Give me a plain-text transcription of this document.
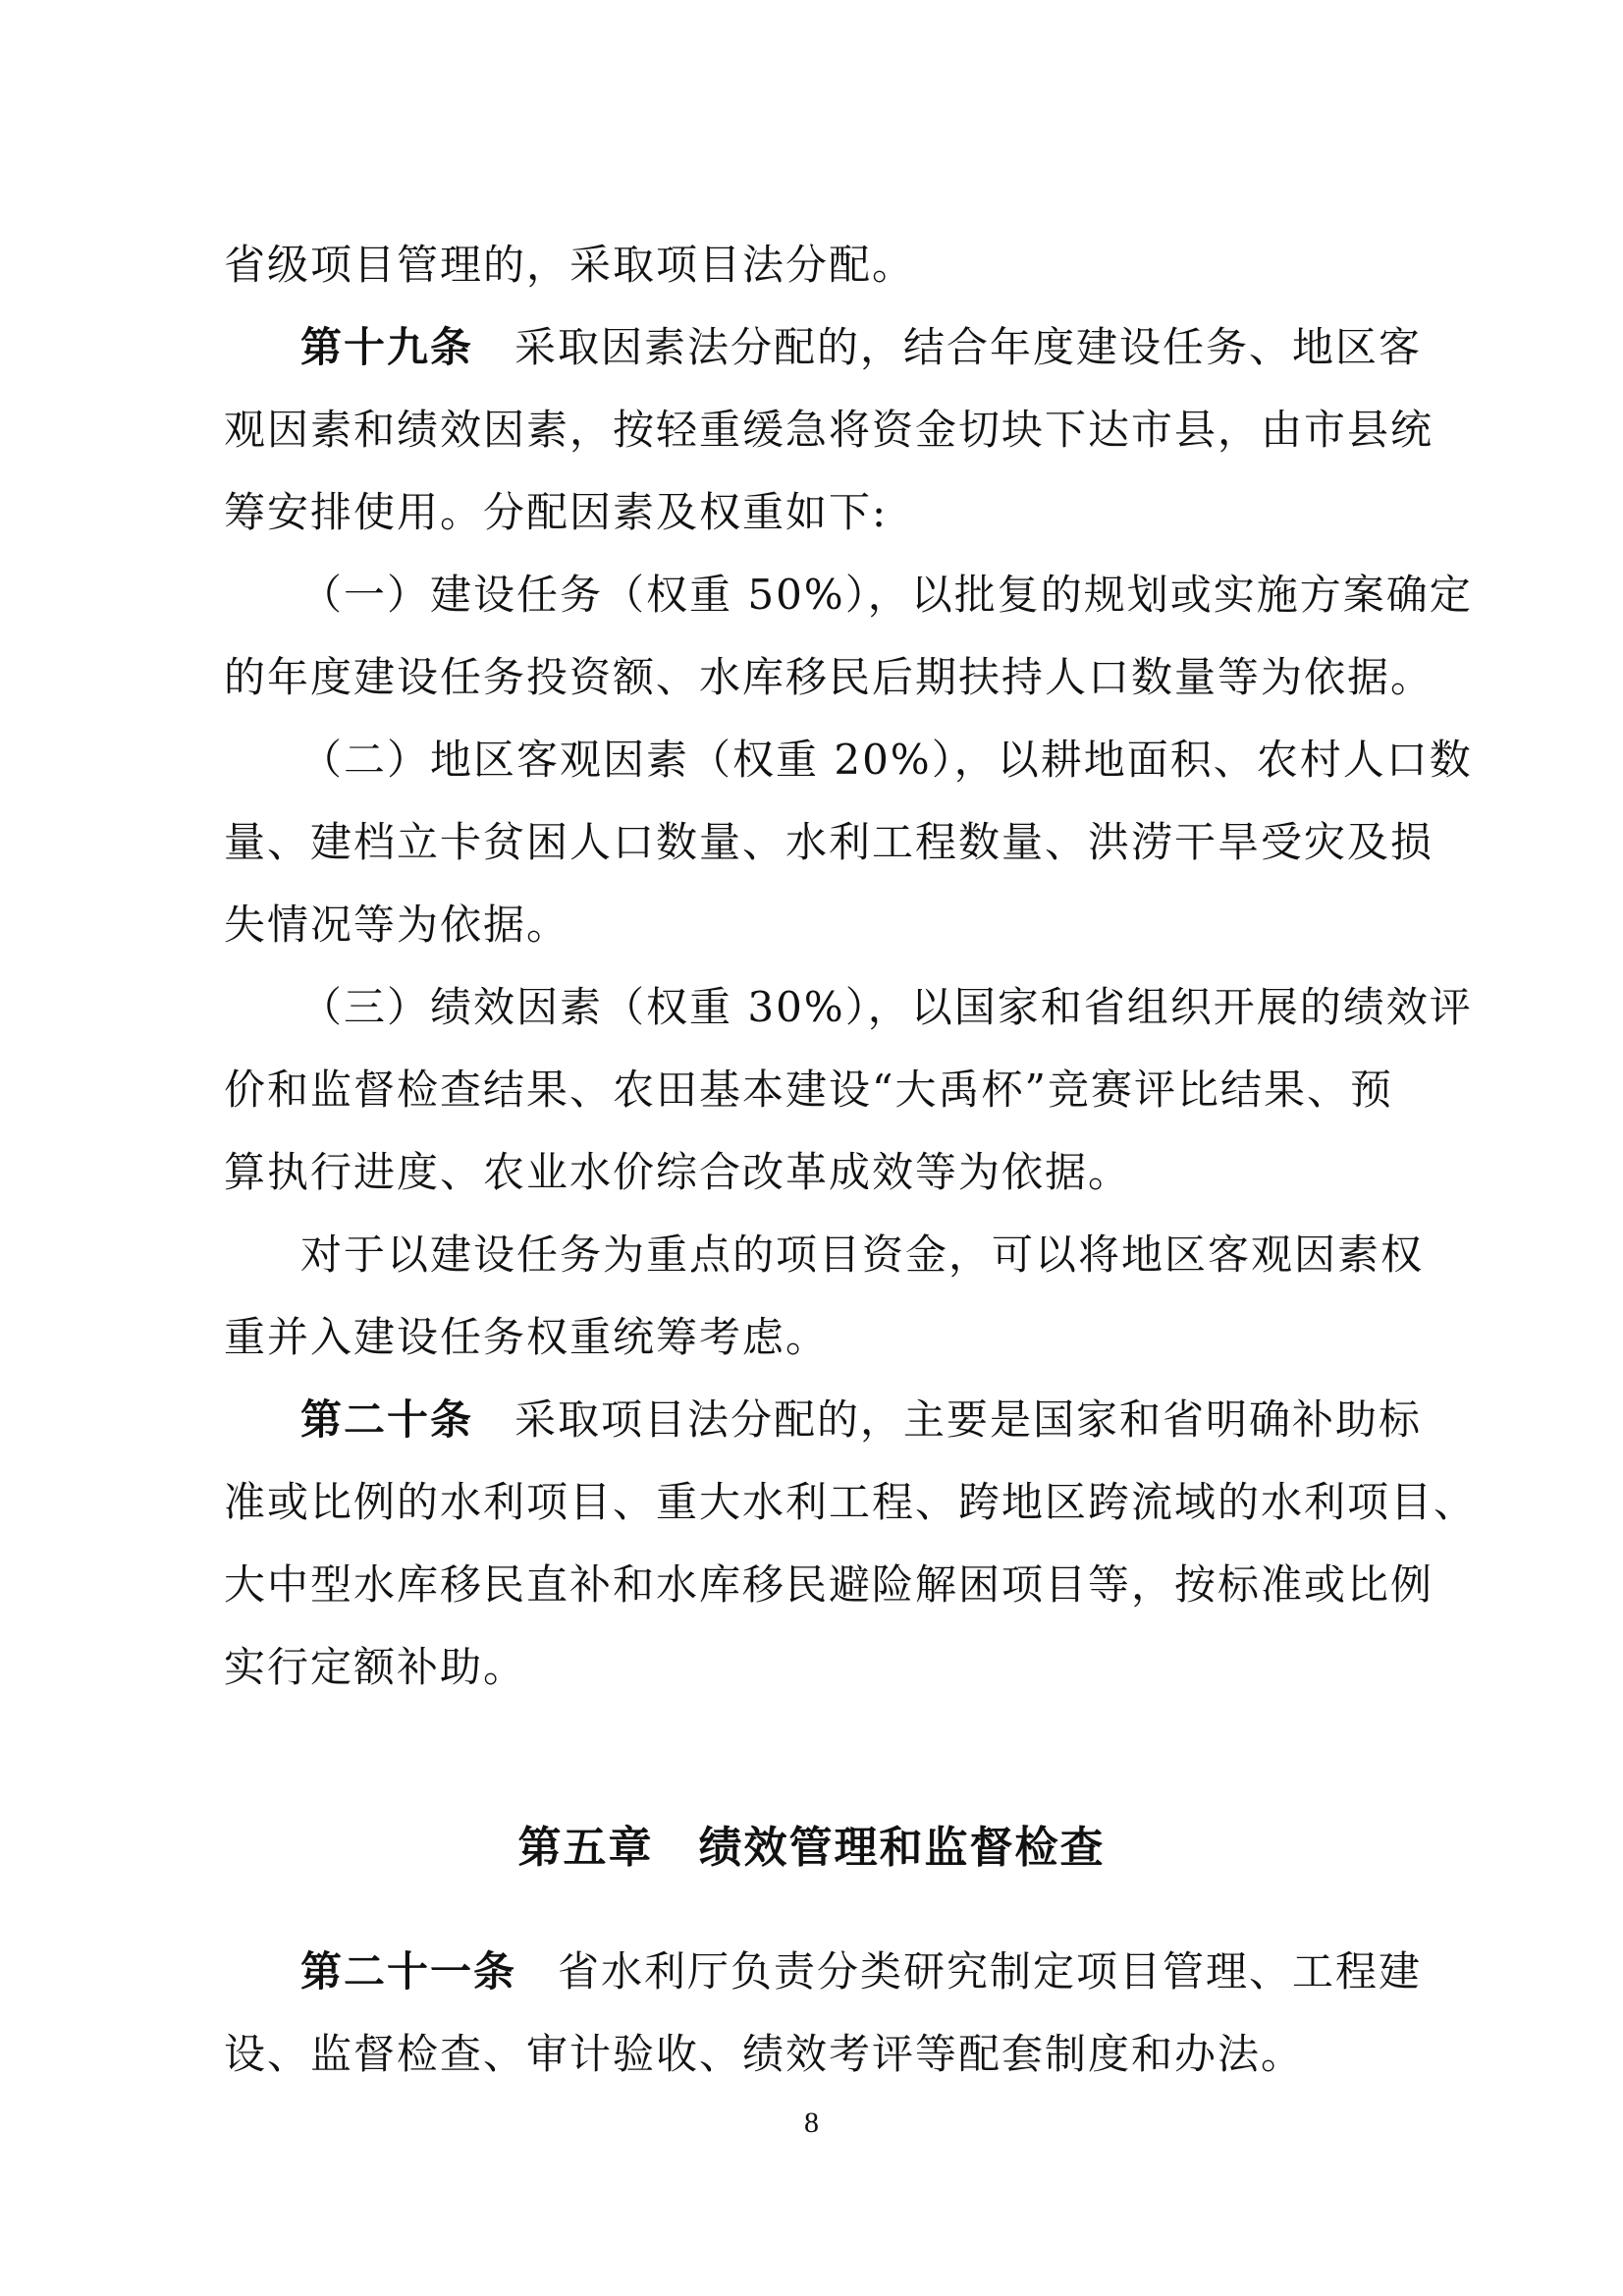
省级项目管理的，采取项目法分配。
第十九条 采取因素法分配的，结合年度建设任务、地区客
观因素和绩效因素，按轻重缓急将资金切块下达市县，由市县统
筹安排使用。分配因素及权重如下:
（一）建设任务（权重 50%），以批复的规划或实施方案确定
的年度建设任务投资额、水库移民后期扶持人口数量等为依据。
（二）地区客观因素（权重 20%），以耕地面积、农村人口数
量、建档立卡贫困人口数量、水利工程数量、洪涝干旱受灾及损
失情况等为依据。
（三）绩效因素（权重 30%），以国家和省组织开展的绩效评
价和监督检查结果、农田基本建设“大禹杯”竞赛评比结果、预
算执行进度、农业水价综合改革成效等为依据。
对于以建设任务为重点的项目资金，可以将地区客观因素权
重并入建设任务权重统筹考虑。
第二十条 采取项目法分配的，主要是国家和省明确补助标
准或比例的水利项目、重大水利工程、跨地区跨流域的水利项目、
大中型水库移民直补和水库移民避险解困项目等，按标准或比例
实行定额补助。
第五章　绩效管理和监督检查
第二十一条 省水利厅负责分类研究制定项目管理、工程建
设、监督检查、审计验收、绩效考评等配套制度和办法。
8
